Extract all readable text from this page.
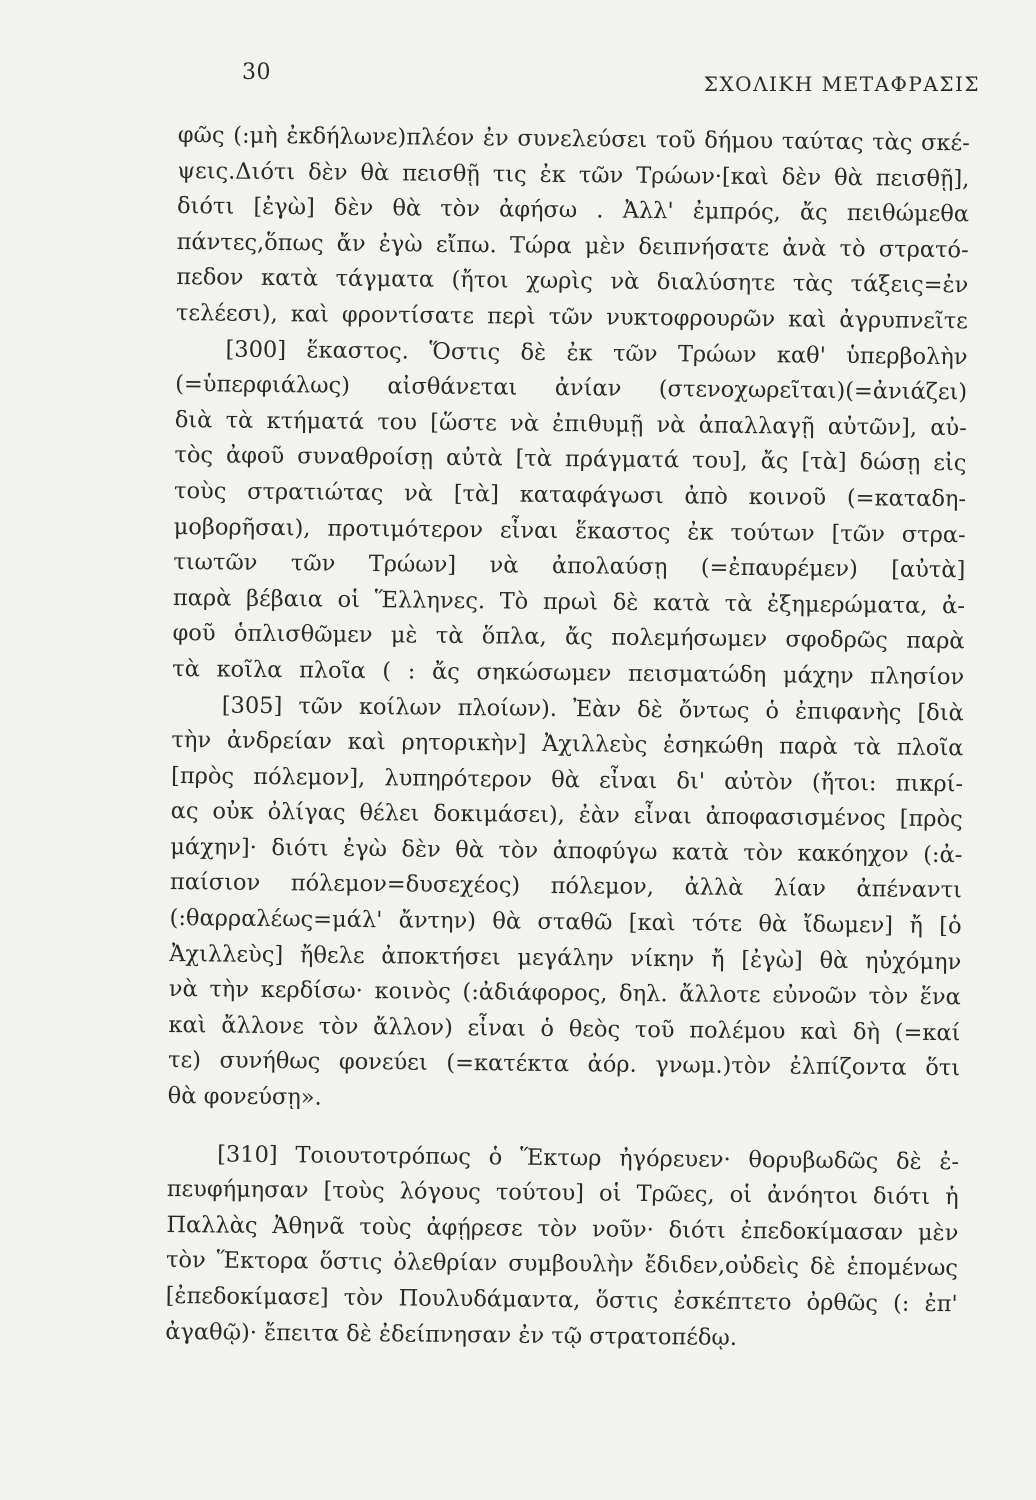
30	ΣΧΟΛΙΚΗ ΜΕΤΑΦΡΑΣΙΣ
φῶς (:μὴ ἐκδήλωνε)πλέον ἐν συνελεύσει τοῦ δήμου ταύτας τὰς σκέ-
ψεις.Διότι δὲν θὰ πεισθῇ τις ἐκ τῶν Τρώων·[καὶ δὲν θὰ πεισθῇ],
διότι [ἐγὼ] δὲν θὰ τὸν ἀφήσω . Ἀλλ' ἐμπρός, ἄς πειθώμεθα
πάντες,ὅπως ἄν ἐγὼ εἴπω. Τώρα μὲν δειπνήσατε ἀνὰ τὸ στρατό-
πεδον κατὰ τάγματα (ἤτοι χωρὶς νὰ διαλύσητε τὰς τάξεις=ἐν
τελέεσι), καὶ φροντίσατε περὶ τῶν νυκτοφρουρῶν καὶ ἀγρυπνεῖτε
[300] ἕκαστος. Ὅστις δὲ ἐκ τῶν Τρώων καθ' ὑπερβολὴν
(=ὑπερφιάλως) αἰσθάνεται ἀνίαν (στενοχωρεῖται)(=ἀνιάζει)
διὰ τὰ κτήματά του [ὥστε νὰ ἐπιθυμῇ νὰ ἀπαλλαγῇ αὐτῶν], αὐ-
τὸς ἀφοῦ συναθροίσῃ αὐτὰ [τὰ πράγματά του], ἄς [τὰ] δώσῃ εἰς
τοὺς στρατιώτας νὰ [τὰ] καταφάγωσι ἀπὸ κοινοῦ (=καταδη-
μοβορῆσαι), προτιμότερον εἶναι ἕκαστος ἐκ τούτων [τῶν στρα-
τιωτῶν τῶν Τρώων] νὰ ἀπολαύσῃ (=ἐπαυρέμεν) [αὐτὰ]
παρὰ βέβαια οἱ Ἕλληνες. Τὸ πρωὶ δὲ κατὰ τὰ ἐξημερώματα, ἀ-
φοῦ ὁπλισθῶμεν μὲ τὰ ὅπλα, ἄς πολεμήσωμεν σφοδρῶς παρὰ
τὰ κοῖλα πλοῖα ( : ἄς σηκώσωμεν πεισματώδη μάχην πλησίον
[305] τῶν κοίλων πλοίων). Ἐὰν δὲ ὄντως ὁ ἐπιφανὴς [διὰ
τὴν ἀνδρείαν καὶ ρητορικὴν] Ἀχιλλεὺς ἐσηκώθη παρὰ τὰ πλοῖα
[πρὸς πόλεμον], λυπηρότερον θὰ εἶναι δι' αὐτὸν (ἤτοι: πικρί-
ας οὐκ ὀλίγας θέλει δοκιμάσει), ἐὰν εἶναι ἀποφασισμένος [πρὸς
μάχην]· διότι ἐγὼ δὲν θὰ τὸν ἀποφύγω κατὰ τὸν κακόηχον (:ἀ-
παίσιον πόλεμον=δυσεχέος) πόλεμον, ἀλλὰ λίαν ἀπέναντι
(:θαρραλέως=μάλ' ἄντην) θὰ σταθῶ [καὶ τότε θὰ ἴδωμεν] ἤ [ὁ
Ἀχιλλεὺς] ἤθελε ἀποκτήσει μεγάλην νίκην ἤ [ἐγὼ] θὰ ηὐχόμην
νὰ τὴν κερδίσω· κοινὸς (:ἀδιάφορος, δηλ. ἄλλοτε εὐνοῶν τὸν ἕνα
καὶ ἄλλονε τὸν ἄλλον) εἶναι ὁ θεὸς τοῦ πολέμου καὶ δὴ (=καί
τε) συνήθως φονεύει (=κατέκτα ἀόρ. γνωμ.)τὸν ἐλπίζοντα ὅτι
θὰ φονεύσῃ».
[310] Τοιουτοτρόπως ὁ Ἕκτωρ ἠγόρευεν· θορυβωδῶς δὲ ἐ-
πευφήμησαν [τοὺς λόγους τούτου] οἱ Τρῶες, οἱ ἀνόητοι διότι ἡ
Παλλὰς Ἀθηνᾶ τοὺς ἀφῄρεσε τὸν νοῦν· διότι ἐπεδοκίμασαν μὲν
τὸν Ἕκτορα ὅστις ὀλεθρίαν συμβουλὴν ἔδιδεν,οὐδεὶς δὲ ἑπομένως
[ἐπεδοκίμασε] τὸν Πουλυδάμαντα, ὅστις ἐσκέπτετο ὀρθῶς (: ἐπ'
ἀγαθῷ)· ἔπειτα δὲ ἐδείπνησαν ἐν τῷ στρατοπέδῳ.
